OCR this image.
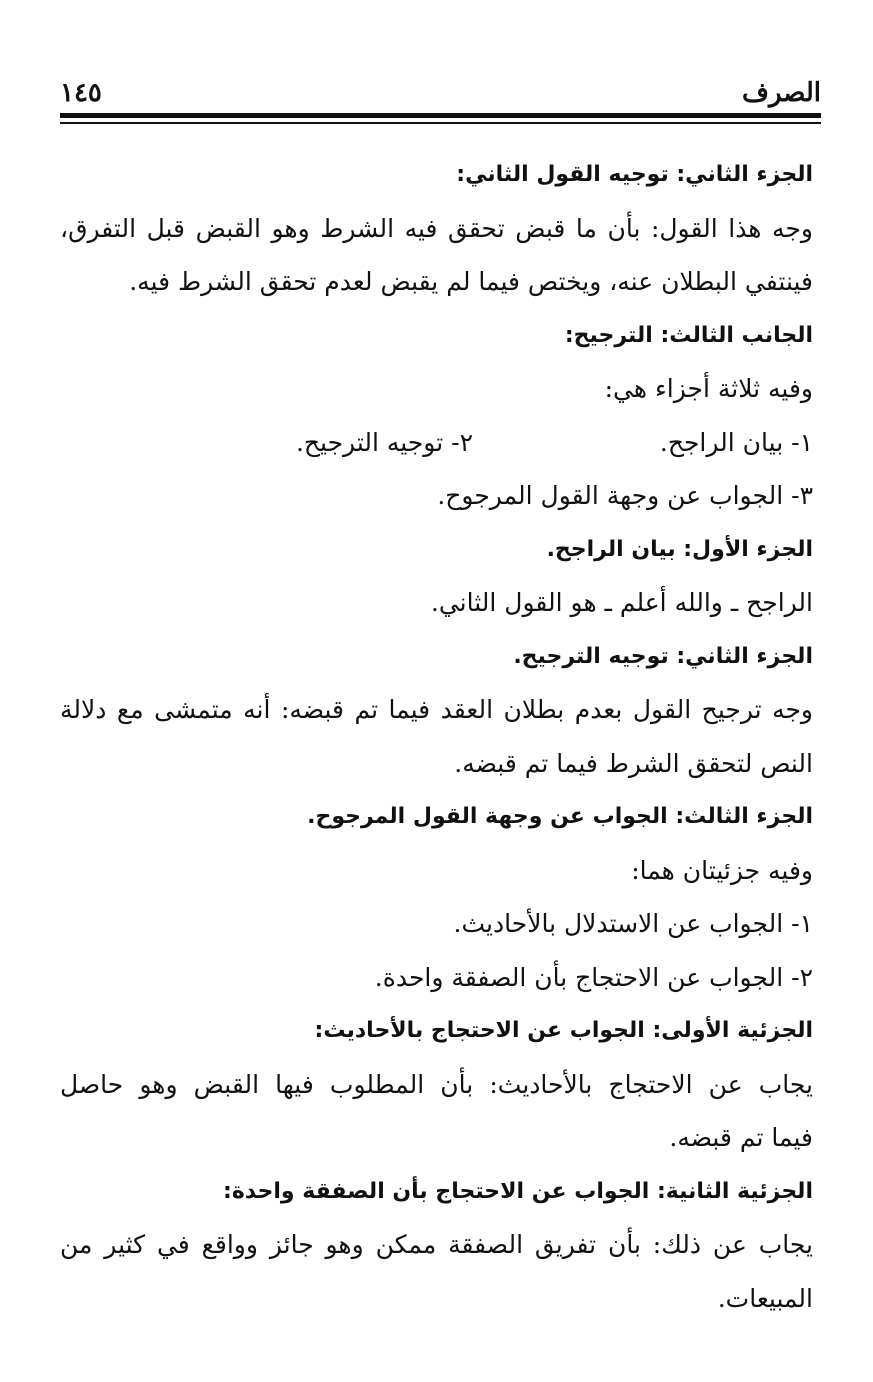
الصرف
١٤٥
الجزء الثاني: توجيه القول الثاني:
وجه هذا القول: بأن ما قبض تحقق فيه الشرط وهو القبض قبل التفرق،
فينتفي البطلان عنه، ويختص فيما لم يقبض لعدم تحقق الشرط فيه.
الجانب الثالث: الترجيح:
وفيه ثلاثة أجزاء هي:
١- بيان الراجح.
٢- توجيه الترجيح.
٣- الجواب عن وجهة القول المرجوح.
الجزء الأول: بيان الراجح.
الراجح ـ والله أعلم ـ هو القول الثاني.
الجزء الثاني: توجيه الترجيح.
وجه ترجيح القول بعدم بطلان العقد فيما تم قبضه: أنه متمشى مع دلالة
النص لتحقق الشرط فيما تم قبضه.
الجزء الثالث: الجواب عن وجهة القول المرجوح.
وفيه جزئيتان هما:
١- الجواب عن الاستدلال بالأحاديث.
٢- الجواب عن الاحتجاج بأن الصفقة واحدة.
الجزئية الأولى: الجواب عن الاحتجاج بالأحاديث:
يجاب عن الاحتجاج بالأحاديث: بأن المطلوب فيها القبض وهو حاصل
فيما تم قبضه.
الجزئية الثانية: الجواب عن الاحتجاج بأن الصفقة واحدة:
يجاب عن ذلك: بأن تفريق الصفقة ممكن وهو جائز وواقع في كثير من
المبيعات.
